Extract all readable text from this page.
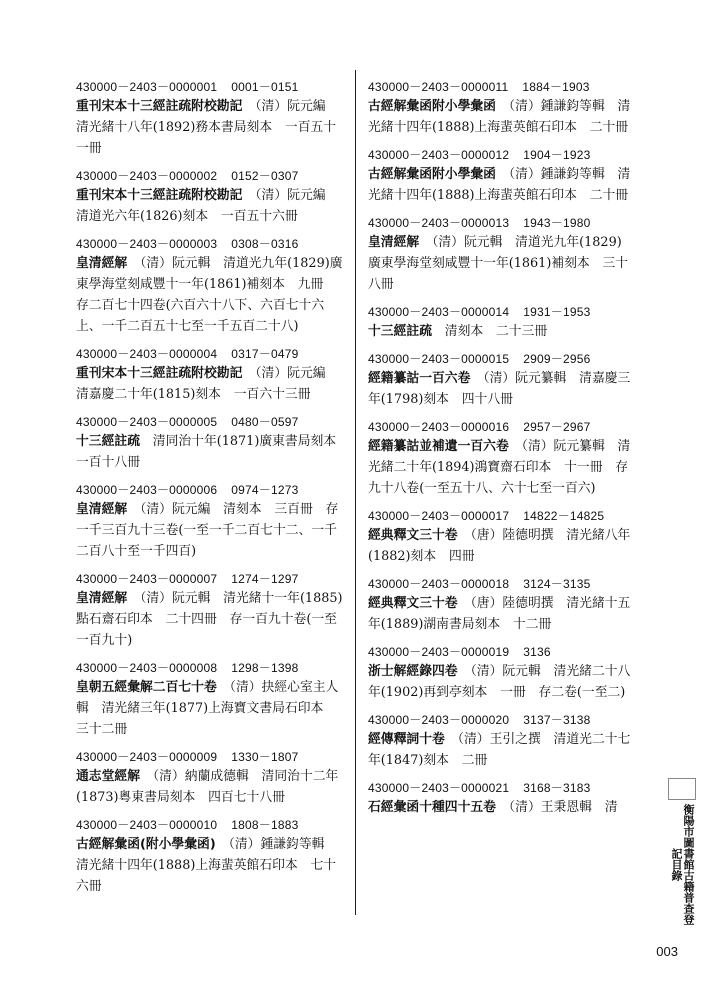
430000－2403－0000001 0001－0151
重刊宋本十三經註疏附校勘記　 （清）阮元編　清光緒十八年(1892)務本書局刻本　一百五十一冊
430000－2403－0000002 0152－0307
重刊宋本十三經註疏附校勘記　 （清）阮元編　清道光六年(1826)刻本　一百五十六冊
430000－2403－0000003 0308－0316
皇清經解　 （清）阮元輯　清道光九年(1829)廣東學海堂刻咸豐十一年(1861)補刻本　九冊　存二百七十四卷(六百六十八下、六百七十六上、一千二百五十七至一千五百二十八)
430000－2403－0000004 0317－0479
重刊宋本十三經註疏附校勘記　 （清）阮元編　清嘉慶二十年(1815)刻本　一百六十三冊
430000－2403－0000005 0480－0597
十三經註疏　 清同治十年(1871)廣東書局刻本　一百十八冊
430000－2403－0000006 0974－1273
皇清經解　 （清）阮元編　清刻本　三百冊　存一千三百九十三卷(一至一千二百七十二、一千二百八十至一千四百)
430000－2403－0000007 1274－1297
皇清經解　 （清）阮元輯　清光緒十一年(1885)點石齋石印本　二十四冊　存一百九十卷(一至一百九十)
430000－2403－0000008 1298－1398
皇朝五經彙解二百七十卷　 （清）抉經心室主人輯　清光緒三年(1877)上海寶文書局石印本　三十二冊
430000－2403－0000009 1330－1807
通志堂經解　 （清）納蘭成德輯　清同治十二年(1873)粵東書局刻本　四百七十八冊
430000－2403－0000010 1808－1883
古經解彙函(附小學彙函)　 （清）鍾謙鈞等輯　清光緒十四年(1888)上海蜚英館石印本　七十六冊
430000－2403－0000011 1884－1903
古經解彙函附小學彙函　 （清）鍾謙鈞等輯　清光緒十四年(1888)上海蜚英館石印本　二十冊
430000－2403－0000012 1904－1923
古經解彙函附小學彙函　 （清）鍾謙鈞等輯　清光緒十四年(1888)上海蜚英館石印本　二十冊
430000－2403－0000013 1943－1980
皇清經解　 （清）阮元輯　清道光九年(1829)廣東學海堂刻咸豐十一年(1861)補刻本　三十八冊
430000－2403－0000014 1931－1953
十三經註疏　 清刻本　二十三冊
430000－2403－0000015 2909－2956
經籍纂詁一百六卷　 （清）阮元纂輯　清嘉慶三年(1798)刻本　四十八冊
430000－2403－0000016 2957－2967
經籍纂詁並補遺一百六卷　 （清）阮元纂輯　清光緒二十年(1894)鴻寶齋石印本　十一冊　存九十八卷(一至五十八、六十七至一百六)
430000－2403－0000017 14822－14825
經典釋文三十卷　 （唐）陸德明撰　清光緒八年(1882)刻本　四冊
430000－2403－0000018 3124－3135
經典釋文三十卷　 （唐）陸德明撰　清光緒十五年(1889)湖南書局刻本　十二冊
430000－2403－0000019 3136
浙士解經錄四卷　 （清）阮元輯　清光緒二十八年(1902)再到亭刻本　一冊　存二卷(一至二)
430000－2403－0000020 3137－3138
經傳釋詞十卷　 （清）王引之撰　清道光二十七年(1847)刻本　二冊
430000－2403－0000021 3168－3183
石經彙函十種四十五卷　 （清）王秉恩輯　清	衡陽市圖書館古籍普查登記目錄
003
